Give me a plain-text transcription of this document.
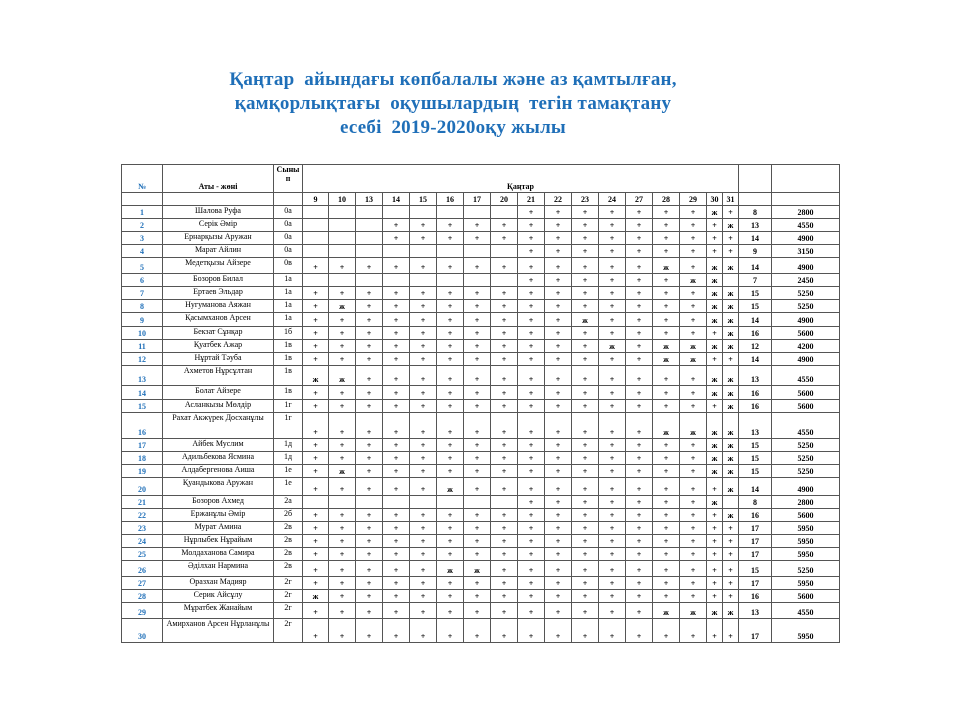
Қаңтар  айындағы көпбалалы және аз қамтылған,
қамқорлықтағы  оқушылардың  тегін тамақтану
есебі  2019-2020оқу жылы
№	Аты - жөні	Сыны п	Қаңтар																		
			9	10	13	14	15	16	17	20	21	22	23	24	27	28	29	30	31		
1	Шалова Руфа	0а									+	+	+	+	+	+	+	ж	+	8	2800
2	Серік Әмір	0а				+	+	+	+	+	+	+	+	+	+	+	+	+	ж	13	4550
3	Ернарқызы Аружан	0а				+	+	+	+	+	+	+	+	+	+	+	+	+	+	14	4900
4	Марат Айлин	0а									+	+	+	+	+	+	+	+	+	9	3150
5	Медетқызы Айзере	0в	+	+	+	+	+	+	+	+	+	+	+	+	+	ж	+	ж	ж	14	4900
6	Бозоров Билал	1а									+	+	+	+	+	+	ж	ж		7	2450
7	Ертаев Эльдар	1а	+	+	+	+	+	+	+	+	+	+	+	+	+	+	+	ж	ж	15	5250
8	Нугуманова Аяжан	1а	+	ж	+	+	+	+	+	+	+	+	+	+	+	+	+	ж	ж	15	5250
9	Қасымханов Арсен	1а	+	+	+	+	+	+	+	+	+	+	ж	+	+	+	+	ж	ж	14	4900
10	Бекзат Сұнқар	1б	+	+	+	+	+	+	+	+	+	+	+	+	+	+	+	+	ж	16	5600
11	Қуатбек Ажар	1в	+	+	+	+	+	+	+	+	+	+	+	ж	+	ж	ж	ж	ж	12	4200
12	Нұртай Тәуба	1в	+	+	+	+	+	+	+	+	+	+	+	+	+	ж	ж	+	+	14	4900
13	Ахметов Нұрсұлтан	1в	ж	ж	+	+	+	+	+	+	+	+	+	+	+	+	+	ж	ж	13	4550
14	Болат Айзере	1в	+	+	+	+	+	+	+	+	+	+	+	+	+	+	+	ж	ж	16	5600
15	Асланкызы Мөлдір	1г	+	+	+	+	+	+	+	+	+	+	+	+	+	+	+	+	ж	16	5600
16	Рахат Акжүрек Досханұлы	1г	+	+	+	+	+	+	+	+	+	+	+	+	+	ж	ж	ж	ж	13	4550
17	Айбек Муслим	1д	+	+	+	+	+	+	+	+	+	+	+	+	+	+	+	ж	ж	15	5250
18	Адильбекова Ясмина	1д	+	+	+	+	+	+	+	+	+	+	+	+	+	+	+	ж	ж	15	5250
19	Алдабергенова Аиша	1е	+	ж	+	+	+	+	+	+	+	+	+	+	+	+	+	ж	ж	15	5250
20	Қуандыкова Аружан	1е	+	+	+	+	+	ж	+	+	+	+	+	+	+	+	+	+	ж	14	4900
21	Бозоров Ахмед	2а									+	+	+	+	+	+	+	ж		8	2800
22	Ержанұлы Әмір	2б	+	+	+	+	+	+	+	+	+	+	+	+	+	+	+	+	ж	16	5600
23	Мурат Амина	2в	+	+	+	+	+	+	+	+	+	+	+	+	+	+	+	+	+	17	5950
24	Нұрлыбек Нұрайым	2в	+	+	+	+	+	+	+	+	+	+	+	+	+	+	+	+	+	17	5950
25	Молдаханова Самира	2в	+	+	+	+	+	+	+	+	+	+	+	+	+	+	+	+	+	17	5950
26	Әділхан Нармина	2в	+	+	+	+	+	ж	ж	+	+	+	+	+	+	+	+	+	+	15	5250
27	Оразхан Мадияр	2г	+	+	+	+	+	+	+	+	+	+	+	+	+	+	+	+	+	17	5950
28	Серик Айсұлу	2г	ж	+	+	+	+	+	+	+	+	+	+	+	+	+	+	+	+	16	5600
29	Мұратбек Жанайым	2г	+	+	+	+	+	+	+	+	+	+	+	+	+	ж	ж	ж	ж	13	4550
30	Амирханов Арсен Нұрланұлы	2г	+	+	+	+	+	+	+	+	+	+	+	+	+	+	+	+	+	17	5950
